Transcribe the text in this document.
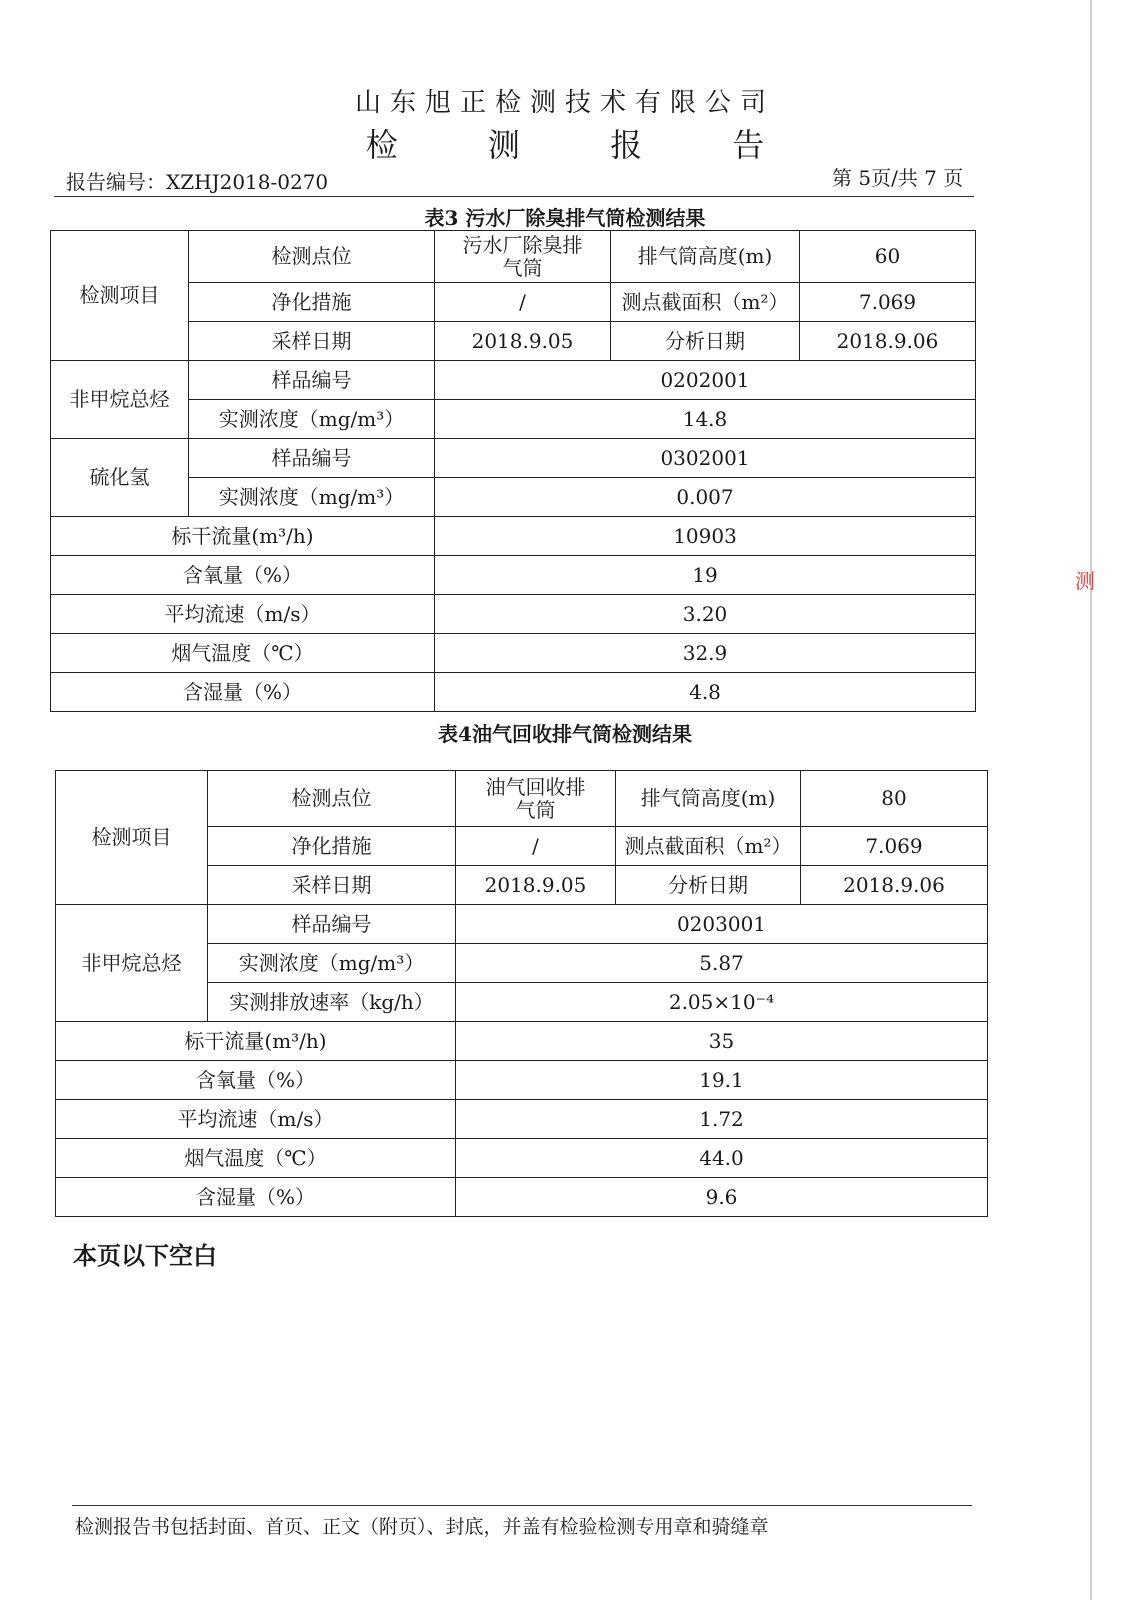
测
山东旭正检测技术有限公司
检 测 报 告
报告编号：XZHJ2018-0270	第 5页/共 7 页
表3 污水厂除臭排气筒检测结果
检测项目	检测点位	污水厂除臭排气筒	排气筒高度(m)	60
	净化措施	/	测点截面积（m²）	7.069
	采样日期	2018.9.05	分析日期	2018.9.06
非甲烷总烃	样品编号	0202001		
	实测浓度（mg/m³）	14.8		
硫化氢	样品编号	0302001		
	实测浓度（mg/m³）	0.007		
标干流量(m³/h)		10903		
含氧量（%）		19		
平均流速（m/s）		3.20		
烟气温度（℃）		32.9		
含湿量（%）		4.8		
表4油气回收排气筒检测结果
检测项目	检测点位	油气回收排气筒	排气筒高度(m)	80
	净化措施	/	测点截面积（m²）	7.069
	采样日期	2018.9.05	分析日期	2018.9.06
非甲烷总烃	样品编号	0203001		
	实测浓度（mg/m³）	5.87		
	实测排放速率（kg/h）	2.05×10⁻⁴		
标干流量(m³/h)		35		
含氧量（%）		19.1		
平均流速（m/s）		1.72		
烟气温度（℃）		44.0		
含湿量（%）		9.6		
本页以下空白
检测报告书包括封面、首页、正文（附页）、封底，并盖有检验检测专用章和骑缝章
